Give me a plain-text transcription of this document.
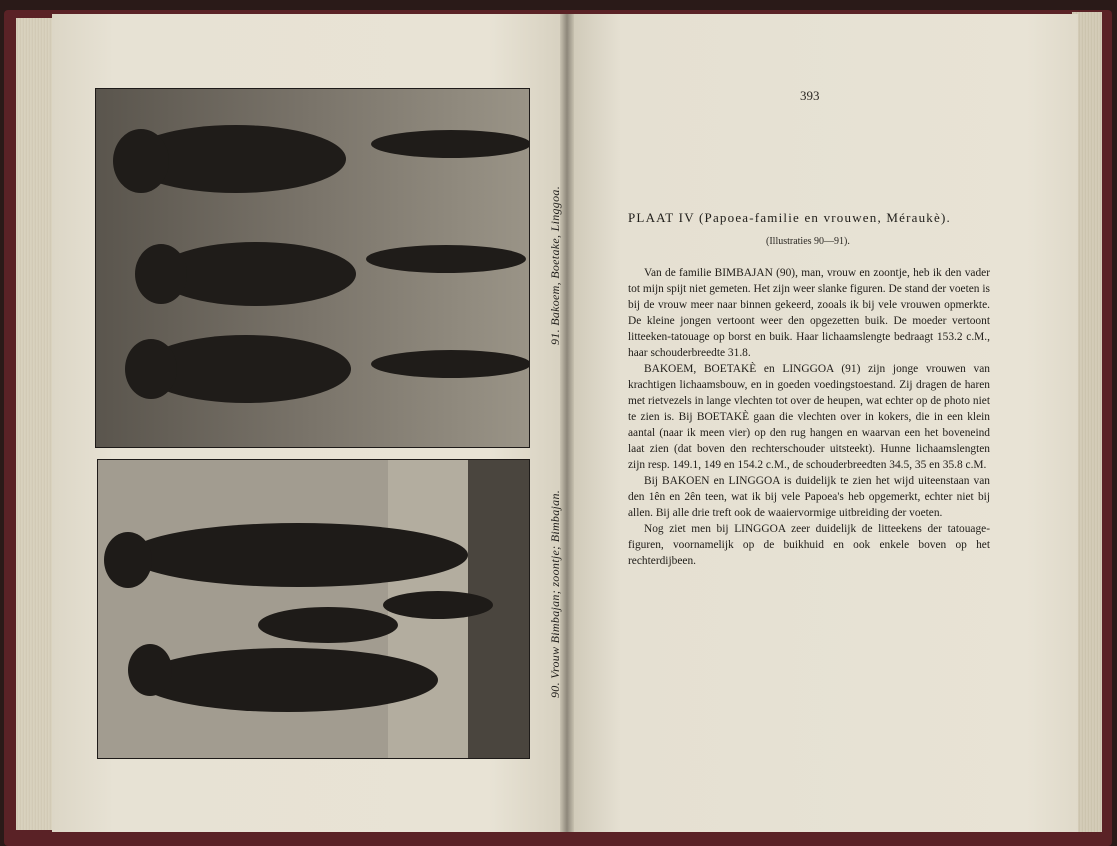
91. Bakoem, Boetake, Linggoa.
90. Vrouw Bimbajan; zoontje; Bimbajan.
393
PLAAT IV (Papoea-familie en vrouwen, Méraukè).
(Illustraties 90—91).

Van de familie BIMBAJAN (90), man, vrouw en zoontje, heb ik den vader tot mijn spijt niet gemeten. Het zijn weer slanke figuren. De stand der voeten is bij de vrouw meer naar binnen gekeerd, zooals ik bij vele vrouwen opmerkte. De kleine jongen vertoont weer den opgezetten buik. De moeder vertoont litteeken-tatouage op borst en buik. Haar lichaamslengte bedraagt 153.2 c.M., haar schouderbreedte 31.8.

BAKOEM, BOETAKÈ en LINGGOA (91) zijn jonge vrouwen van krachtigen lichaamsbouw, en in goeden voedingstoestand. Zij dragen de haren met rietvezels in lange vlechten tot over de heupen, wat echter op de photo niet te zien is. Bij BOETAKÈ gaan die vlechten over in kokers, die in een klein aantal (naar ik meen vier) op den rug hangen en waarvan een het boveneind laat zien (dat boven den rechterschouder uitsteekt). Hunne lichaamslengten zijn resp. 149.1, 149 en 154.2 c.M., de schouderbreedten 34.5, 35 en 35.8 c.M.

Bij BAKOEN en LINGGOA is duidelijk te zien het wijd uiteenstaan van den 1ên en 2ên teen, wat ik bij vele Papoea's heb opgemerkt, echter niet bij allen. Bij alle drie treft ook de waaiervormige uitbreiding der voeten.

Nog ziet men bij LINGGOA zeer duidelijk de litteekens der tatouage-figuren, voornamelijk op de buikhuid en ook enkele boven op het rechterdijbeen.
